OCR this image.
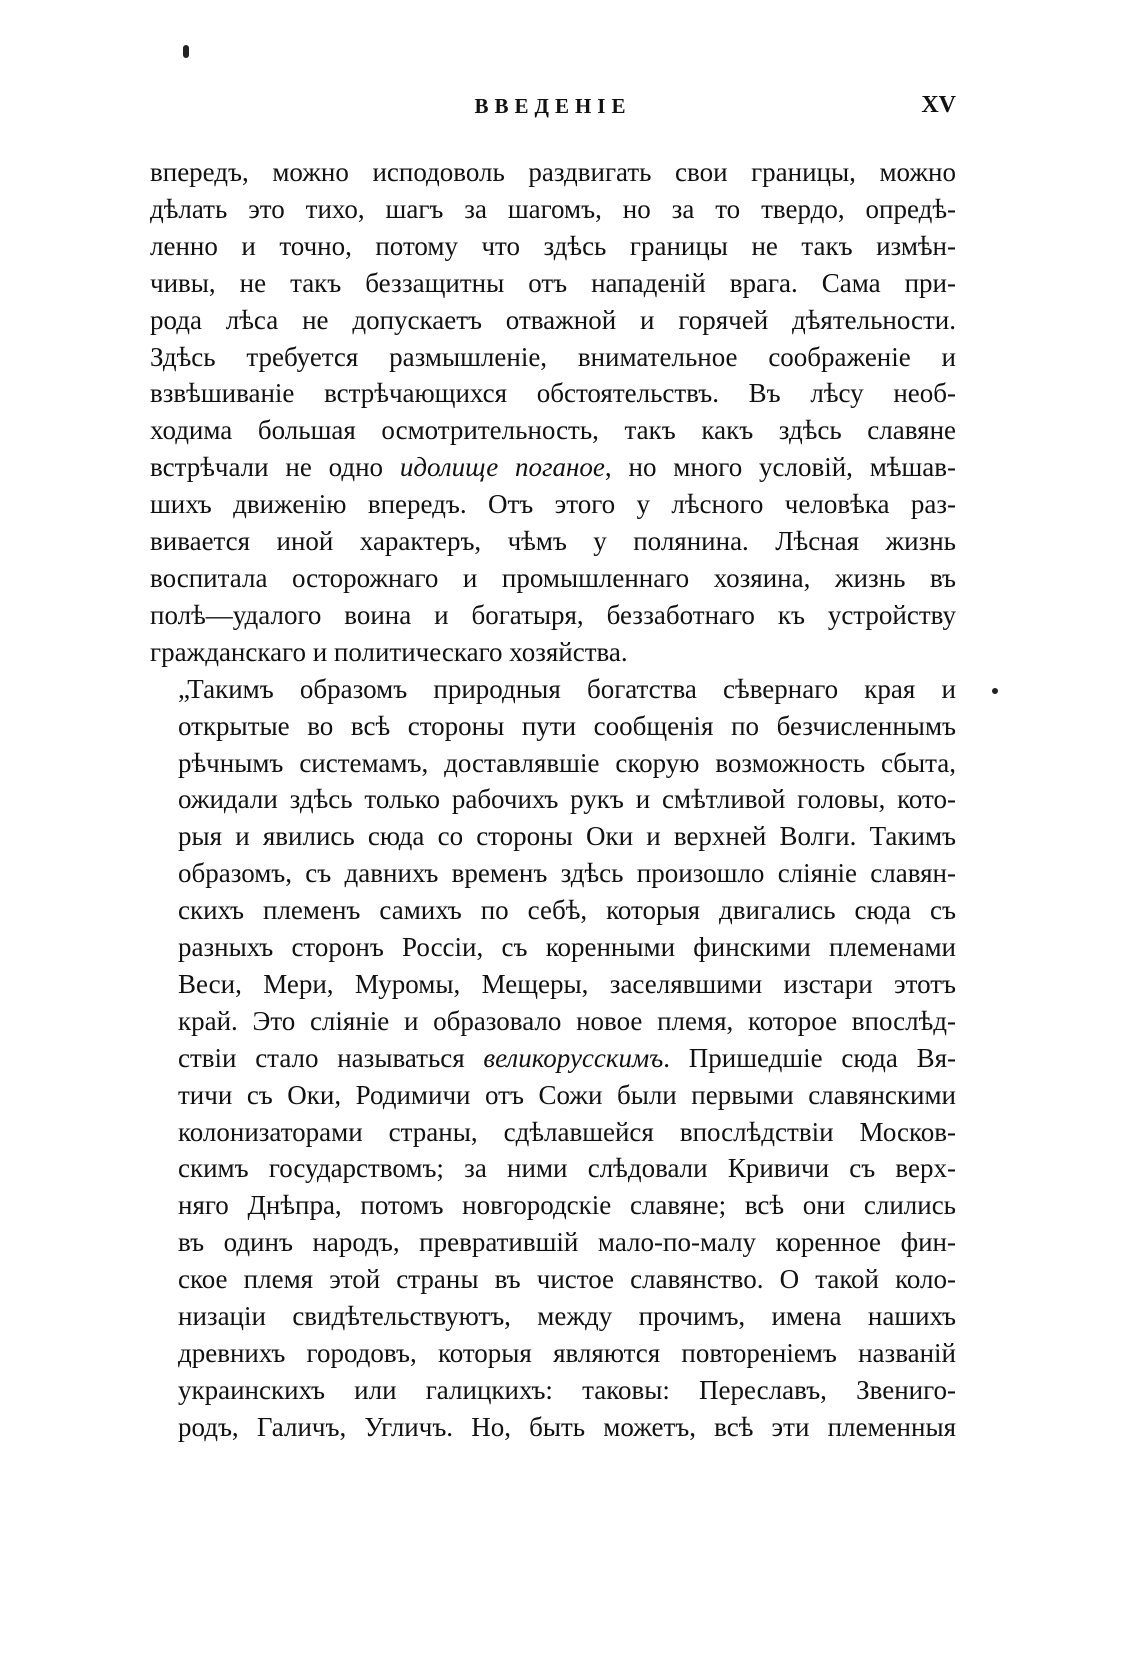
ВВЕДЕНІЕ	XV
впередъ, можно исподоволь раздвигать свои границы, можно
дѣлать это тихо, шагъ за шагомъ, но за то твердо, опредѣ-
ленно и точно, потому что здѣсь границы не такъ измѣн-
чивы, не такъ беззащитны отъ нападеній врага. Сама при-
рода лѣса не допускаетъ отважной и горячей дѣятельности.
Здѣсь требуется размышленіе, внимательное соображеніе и
взвѣшиваніе встрѣчающихся обстоятельствъ. Въ лѣсу необ-
ходима большая осмотрительность, такъ какъ здѣсь славяне
встрѣчали не одно идолище поганое, но много условій, мѣшав-
шихъ движенію впередъ. Отъ этого у лѣсного человѣка раз-
вивается иной характеръ, чѣмъ у полянина. Лѣсная жизнь
воспитала осторожнаго и промышленнаго хозяина, жизнь въ
полѣ—удалого воина и богатыря, беззаботнаго къ устройству
гражданскаго и политическаго хозяйства.
„Такимъ образомъ природныя богатства сѣвернаго края и
открытые во всѣ стороны пути сообщенія по безчисленнымъ
рѣчнымъ системамъ, доставлявшіе скорую возможность сбыта,
ожидали здѣсь только рабочихъ рукъ и смѣтливой головы, кото-
рыя и явились сюда со стороны Оки и верхней Волги. Такимъ
образомъ, съ давнихъ временъ здѣсь произошло сліяніе славян-
скихъ племенъ самихъ по себѣ, которыя двигались сюда съ
разныхъ сторонъ Россіи, съ коренными финскими племенами
Веси, Мери, Муромы, Мещеры, заселявшими изстари этотъ
край. Это сліяніе и образовало новое племя, которое впослѣд-
ствіи стало называться великорусскимъ. Пришедшіе сюда Вя-
тичи съ Оки, Родимичи отъ Сожи были первыми славянскими
колонизаторами страны, сдѣлавшейся впослѣдствіи Москов-
скимъ государствомъ; за ними слѣдовали Кривичи съ верх-
няго Днѣпра, потомъ новгородскіе славяне; всѣ они слились
въ одинъ народъ, превратившій мало-по-малу коренное фин-
ское племя этой страны въ чистое славянство. О такой коло-
низаціи свидѣтельствуютъ, между прочимъ, имена нашихъ
древнихъ городовъ, которыя являются повтореніемъ названій
украинскихъ или галицкихъ: таковы: Переславъ, Звениго-
родъ, Галичъ, Угличъ. Но, быть можетъ, всѣ эти племенныя
